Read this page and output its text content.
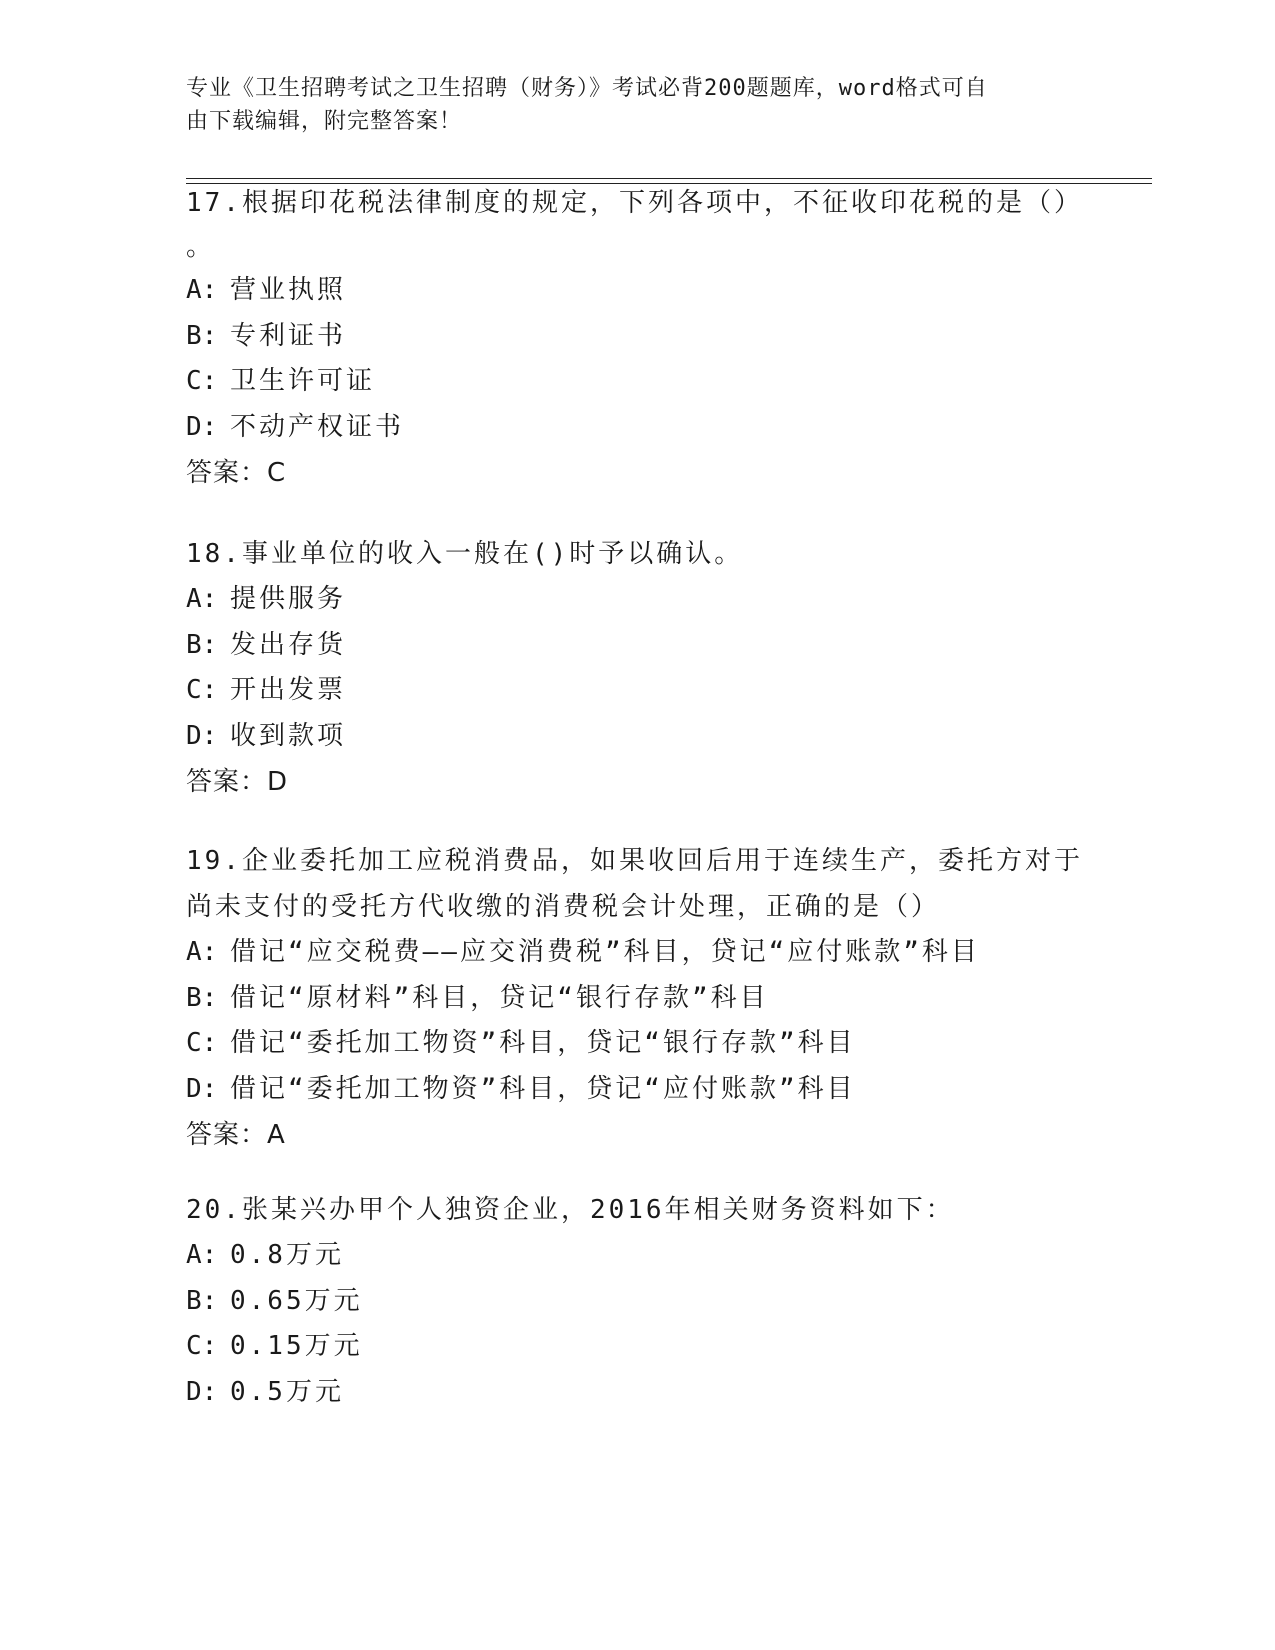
专业《卫生招聘考试之卫生招聘（财务）》考试必背200题题库，word格式可自
由下载编辑，附完整答案！
17.根据印花税法律制度的规定，下列各项中，不征收印花税的是（）
。
A: 营业执照
B: 专利证书
C: 卫生许可证
D: 不动产权证书
答案：C
18.事业单位的收入一般在()时予以确认。
A: 提供服务
B: 发出存货
C: 开出发票
D: 收到款项
答案：D
19.企业委托加工应税消费品，如果收回后用于连续生产，委托方对于
尚未支付的受托方代收缴的消费税会计处理，正确的是（）
A: 借记“应交税费——应交消费税”科目，贷记“应付账款”科目
B: 借记“原材料”科目，贷记“银行存款”科目
C: 借记“委托加工物资”科目，贷记“银行存款”科目
D: 借记“委托加工物资”科目，贷记“应付账款”科目
答案：A
20.张某兴办甲个人独资企业，2016年相关财务资料如下：
A: 0.8万元
B: 0.65万元
C: 0.15万元
D: 0.5万元
